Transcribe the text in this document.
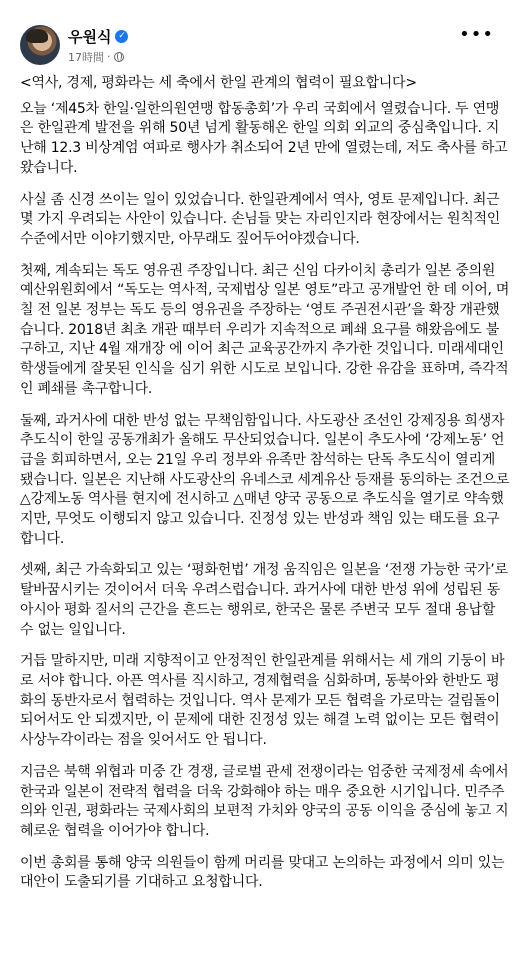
우원식 ✓
17時間 ·
•••

<역사, 경제, 평화라는 세 축에서 한일 관계의 협력이 필요합니다>

오늘 ‘제45차 한일·일한의원연맹 합동총회’가 우리 국회에서 열렸습니다. 두 연맹은 한일관계 발전을 위해 50년 넘게 활동해온 한일 의회 외교의 중심축입니다. 지난해 12.3 비상계엄 여파로 행사가 취소되어 2년 만에 열렸는데, 저도 축사를 하고 왔습니다.

사실 좀 신경 쓰이는 일이 있었습니다. 한일관계에서 역사, 영토 문제입니다. 최근 몇 가지 우려되는 사안이 있습니다. 손님들 맞는 자리인지라 현장에서는 원칙적인 수준에서만 이야기했지만, 아무래도 짚어두어야겠습니다.

첫째, 계속되는 독도 영유권 주장입니다. 최근 신임 다카이치 총리가 일본 중의원 예산위원회에서 “독도는 역사적, 국제법상 일본 영토”라고 공개발언 한 데 이어, 며칠 전 일본 정부는 독도 등의 영유권을 주장하는 ‘영토 주권전시관’을 확장 개관했습니다. 2018년 최초 개관 때부터 우리가 지속적으로 폐쇄 요구를 해왔음에도 불구하고, 지난 4월 재개장 에 이어 최근 교육공간까지 추가한 것입니다. 미래세대인 학생들에게 잘못된 인식을 심기 위한 시도로 보입니다. 강한 유감을 표하며, 즉각적인 폐쇄를 촉구합니다.

둘째, 과거사에 대한 반성 없는 무책임함입니다. 사도광산 조선인 강제징용 희생자 추도식이 한일 공동개최가 올해도 무산되었습니다. 일본이 추도사에 ‘강제노동’ 언급을 회피하면서, 오는 21일 우리 정부와 유족만 참석하는 단독 추도식이 열리게 됐습니다. 일본은 지난해 사도광산의 유네스코 세계유산 등재를 동의하는 조건으로 △강제노동 역사를 현지에 전시하고 △매년 양국 공동으로 추도식을 열기로 약속했지만, 무엇도 이행되지 않고 있습니다. 진정성 있는 반성과 책임 있는 태도를 요구합니다.

셋째, 최근 가속화되고 있는 ‘평화헌법’ 개정 움직임은 일본을 ‘전쟁 가능한 국가’로 탈바꿈시키는 것이어서 더욱 우려스럽습니다. 과거사에 대한 반성 위에 성립된 동아시아 평화 질서의 근간을 흔드는 행위로, 한국은 물론 주변국 모두 절대 용납할 수 없는 일입니다.

거듭 말하지만, 미래 지향적이고 안정적인 한일관계를 위해서는 세 개의 기둥이 바로 서야 합니다. 아픈 역사를 직시하고, 경제협력을 심화하며, 동북아와 한반도 평화의 동반자로서 협력하는 것입니다. 역사 문제가 모든 협력을 가로막는 걸림돌이 되어서도 안 되겠지만, 이 문제에 대한 진정성 있는 해결 노력 없이는 모든 협력이 사상누각이라는 점을 잊어서도 안 됩니다.

지금은 북핵 위협과 미중 간 경쟁, 글로벌 관세 전쟁이라는 엄중한 국제정세 속에서 한국과 일본이 전략적 협력을 더욱 강화해야 하는 매우 중요한 시기입니다. 민주주의와 인권, 평화라는 국제사회의 보편적 가치와 양국의 공동 이익을 중심에 놓고 지혜로운 협력을 이어가야 합니다.

이번 총회를 통해 양국 의원들이 함께 머리를 맞대고 논의하는 과정에서 의미 있는 대안이 도출되기를 기대하고 요청합니다.
